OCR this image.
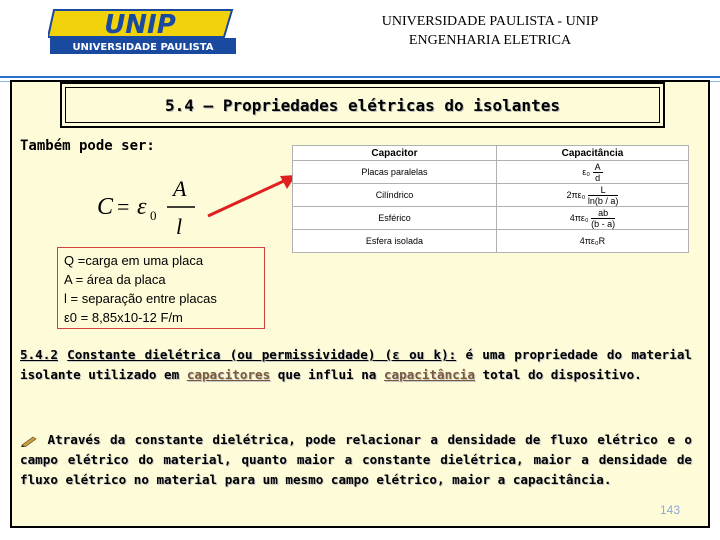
UNIP
UNIVERSIDADE PAULISTA
UNIVERSIDADE PAULISTA - UNIP
ENGENHARIA ELETRICA
5.4 – Propriedades elétricas do isolantes
Também pode ser:
C = ε 0
A
l
Q =carga em uma placa
A = área da placa
l = separação entre placas
ε0 = 8,85x10-12 F/m
Capacitor	Capacitância
Placas paralelas	$\varepsilon_0 \frac{A}{d}$

Cilíndrico	$2\pi\varepsilon_0 \frac{L}{\ln(b / a)}$

Esférico	$4\pi\varepsilon_0 \frac{ab}{(b - a)}$

Esfera isolada	4πε₀R
5.4.2 Constante dielétrica (ou permissividade) (ε ou k): é uma propriedade do material isolante utilizado em capacitores que influi na capacitância total do dispositivo.
Através da constante dielétrica, pode relacionar a densidade de fluxo elétrico e o campo elétrico do material, quanto maior a constante dielétrica, maior a densidade de fluxo elétrico no material para um mesmo campo elétrico, maior a capacitância.
143
